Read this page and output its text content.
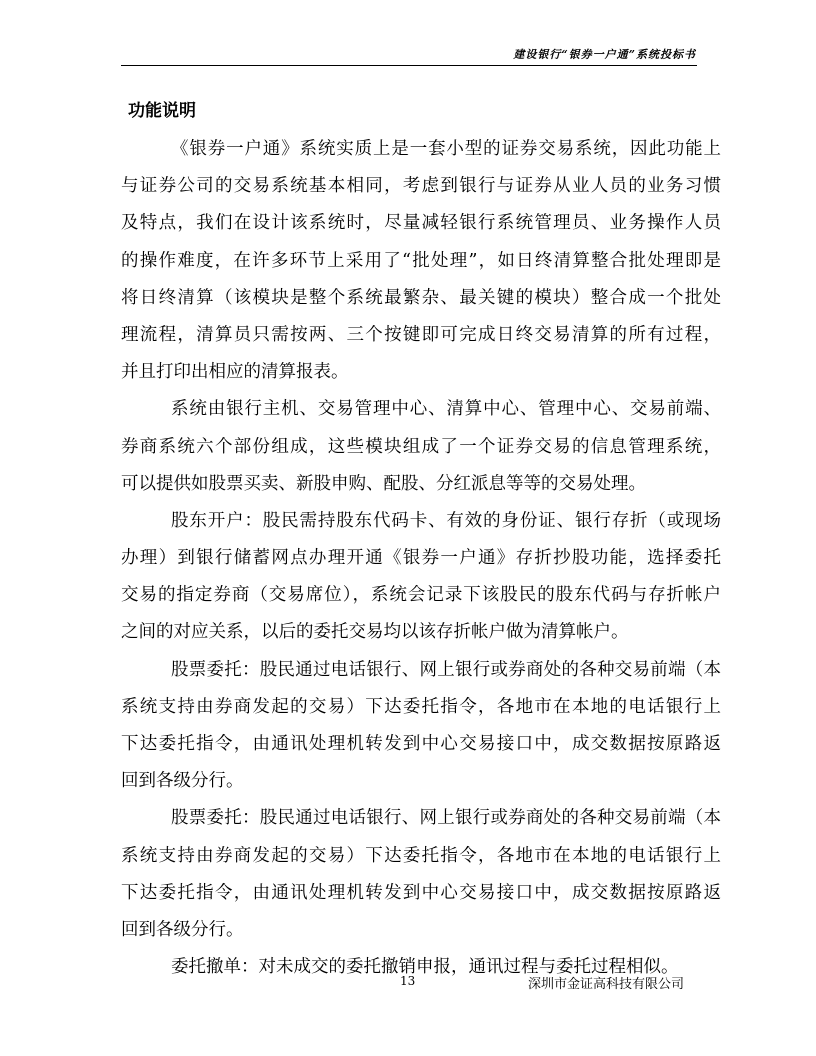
建设银行“银券一户通”系统投标书
功能说明
《银券一户通》系统实质上是一套小型的证券交易系统，因此功能上
与证券公司的交易系统基本相同，考虑到银行与证券从业人员的业务习惯
及特点，我们在设计该系统时，尽量减轻银行系统管理员、业务操作人员
的操作难度，在许多环节上采用了“批处理”，如日终清算整合批处理即是
将日终清算（该模块是整个系统最繁杂、最关键的模块）整合成一个批处
理流程，清算员只需按两、三个按键即可完成日终交易清算的所有过程，
并且打印出相应的清算报表。
系统由银行主机、交易管理中心、清算中心、管理中心、交易前端、
券商系统六个部份组成，这些模块组成了一个证券交易的信息管理系统，
可以提供如股票买卖、新股申购、配股、分红派息等等的交易处理。
股东开户：股民需持股东代码卡、有效的身份证、银行存折（或现场
办理）到银行储蓄网点办理开通《银券一户通》存折抄股功能，选择委托
交易的指定券商（交易席位），系统会记录下该股民的股东代码与存折帐户
之间的对应关系，以后的委托交易均以该存折帐户做为清算帐户。
股票委托：股民通过电话银行、网上银行或券商处的各种交易前端（本
系统支持由券商发起的交易）下达委托指令，各地市在本地的电话银行上
下达委托指令，由通讯处理机转发到中心交易接口中，成交数据按原路返
回到各级分行。
股票委托：股民通过电话银行、网上银行或券商处的各种交易前端（本
系统支持由券商发起的交易）下达委托指令，各地市在本地的电话银行上
下达委托指令，由通讯处理机转发到中心交易接口中，成交数据按原路返
回到各级分行。
委托撤单：对未成交的委托撤销申报，通讯过程与委托过程相似。
13	深圳市金证高科技有限公司
